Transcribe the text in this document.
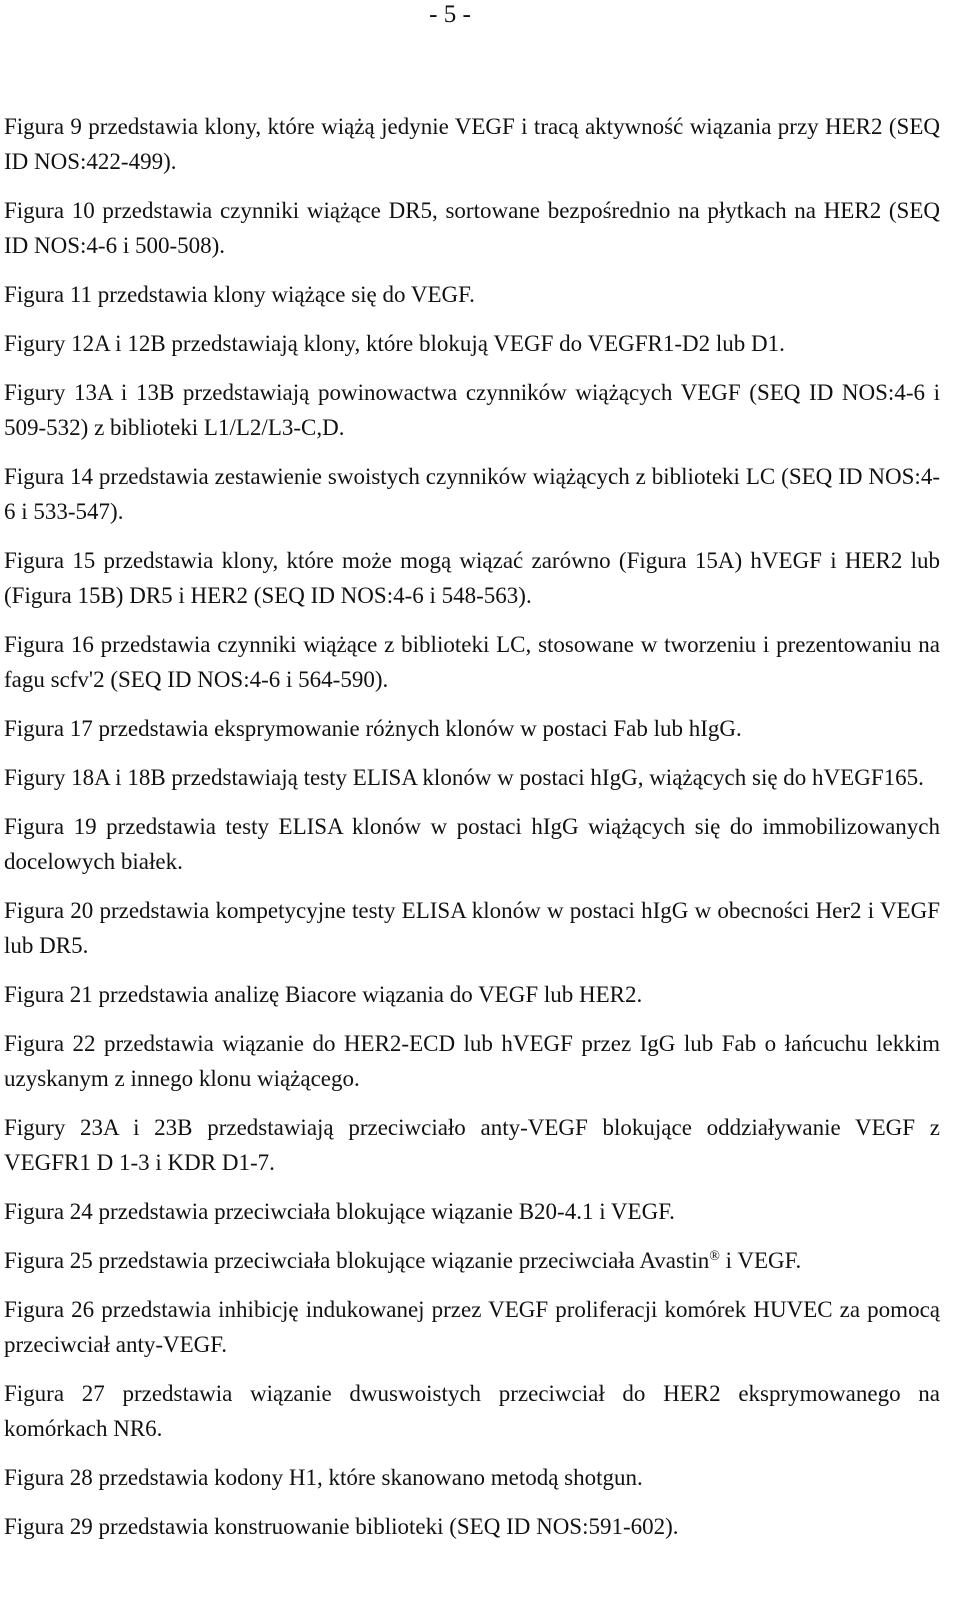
- 5 -

Figura 9 przedstawia klony, które wiążą jedynie VEGF i tracą aktywność wiązania przy HER2 (SEQ ID NOS:422-499).

Figura 10 przedstawia czynniki wiążące DR5, sortowane bezpośrednio na płytkach na HER2 (SEQ ID NOS:4-6 i 500-508).

Figura 11 przedstawia klony wiążące się do VEGF.

Figury 12A i 12B przedstawiają klony, które blokują VEGF do VEGFR1-D2 lub D1.

Figury 13A i 13B przedstawiają powinowactwa czynników wiążących VEGF (SEQ ID NOS:4-6 i 509-532) z biblioteki L1/L2/L3-C,D.

Figura 14 przedstawia zestawienie swoistych czynników wiążących z biblioteki LC (SEQ ID NOS:4-6 i 533-547).

Figura 15 przedstawia klony, które może mogą wiązać zarówno (Figura 15A) hVEGF i HER2 lub (Figura 15B) DR5 i HER2 (SEQ ID NOS:4-6 i 548-563).

Figura 16 przedstawia czynniki wiążące z biblioteki LC, stosowane w tworzeniu i prezentowaniu na fagu scfv'2 (SEQ ID NOS:4-6 i 564-590).

Figura 17 przedstawia eksprymowanie różnych klonów w postaci Fab lub hIgG.

Figury 18A i 18B przedstawiają testy ELISA klonów w postaci hIgG, wiążących się do hVEGF165.

Figura 19 przedstawia testy ELISA klonów w postaci hIgG wiążących się do immobilizowanych docelowych białek.

Figura 20 przedstawia kompetycyjne testy ELISA klonów w postaci hIgG w obecności Her2 i VEGF lub DR5.

Figura 21 przedstawia analizę Biacore wiązania do VEGF lub HER2.

Figura 22 przedstawia wiązanie do HER2-ECD lub hVEGF przez IgG lub Fab o łańcuchu lekkim uzyskanym z innego klonu wiążącego.

Figury 23A i 23B przedstawiają przeciwciało anty-VEGF blokujące oddziaływanie VEGF z VEGFR1 D 1-3 i KDR D1-7.

Figura 24 przedstawia przeciwciała blokujące wiązanie B20-4.1 i VEGF.

Figura 25 przedstawia przeciwciała blokujące wiązanie przeciwciała Avastin® i VEGF.

Figura 26 przedstawia inhibicję indukowanej przez VEGF proliferacji komórek HUVEC za pomocą przeciwciał anty-VEGF.

Figura 27 przedstawia wiązanie dwuswoistych przeciwciał do HER2 eksprymowanego na komórkach NR6.

Figura 28 przedstawia kodony H1, które skanowano metodą shotgun.

Figura 29 przedstawia konstruowanie biblioteki (SEQ ID NOS:591-602).
